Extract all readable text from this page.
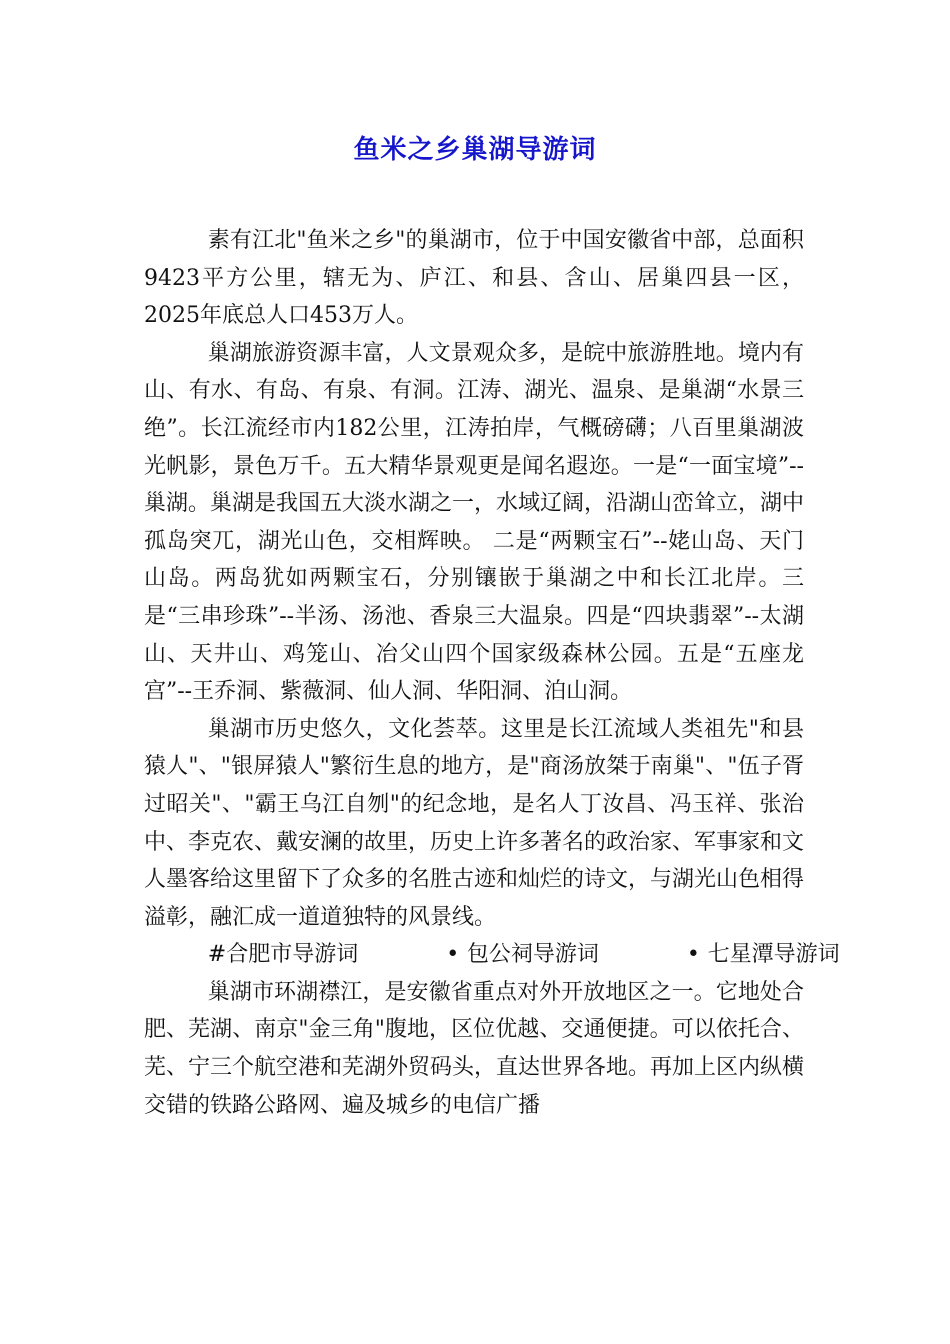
鱼米之乡巢湖导游词

素有江北"鱼米之乡"的巢湖市，位于中国安徽省中部，总面积9423平方公里，辖无为、庐江、和县、含山、居巢四县一区，2025年底总人口453万人。

巢湖旅游资源丰富，人文景观众多，是皖中旅游胜地。境内有山、有水、有岛、有泉、有洞。江涛、湖光、温泉、是巢湖“水景三绝”。长江流经市内182公里，江涛拍岸，气概磅礴；八百里巢湖波光帆影，景色万千。五大精华景观更是闻名遐迩。一是“一面宝境”--巢湖。巢湖是我国五大淡水湖之一，水域辽阔，沿湖山峦耸立，湖中孤岛突兀，湖光山色，交相辉映。 二是“两颗宝石”--姥山岛、天门山岛。两岛犹如两颗宝石，分别镶嵌于巢湖之中和长江北岸。三是“三串珍珠”--半汤、汤池、香泉三大温泉。四是“四块翡翠”--太湖山、天井山、鸡笼山、冶父山四个国家级森林公园。五是“五座龙宫”--王乔洞、紫薇洞、仙人洞、华阳洞、泊山洞。

巢湖市历史悠久，文化荟萃。这里是长江流域人类祖先"和县猿人"、"银屏猿人"繁衍生息的地方，是"商汤放桀于南巢"、"伍子胥过昭关"、"霸王乌江自刎"的纪念地，是名人丁汝昌、冯玉祥、张治中、李克农、戴安澜的故里，历史上许多著名的政治家、军事家和文人墨客给这里留下了众多的名胜古迹和灿烂的诗文，与湖光山色相得溢彰，融汇成一道道独特的风景线。

#合肥市导游词	• 包公祠导游词	• 七星潭导游词

巢湖市环湖襟江，是安徽省重点对外开放地区之一。它地处合肥、芜湖、南京"金三角"腹地，区位优越、交通便捷。可以依托合、芜、宁三个航空港和芜湖外贸码头，直达世界各地。再加上区内纵横交错的铁路公路网、遍及城乡的电信广播
